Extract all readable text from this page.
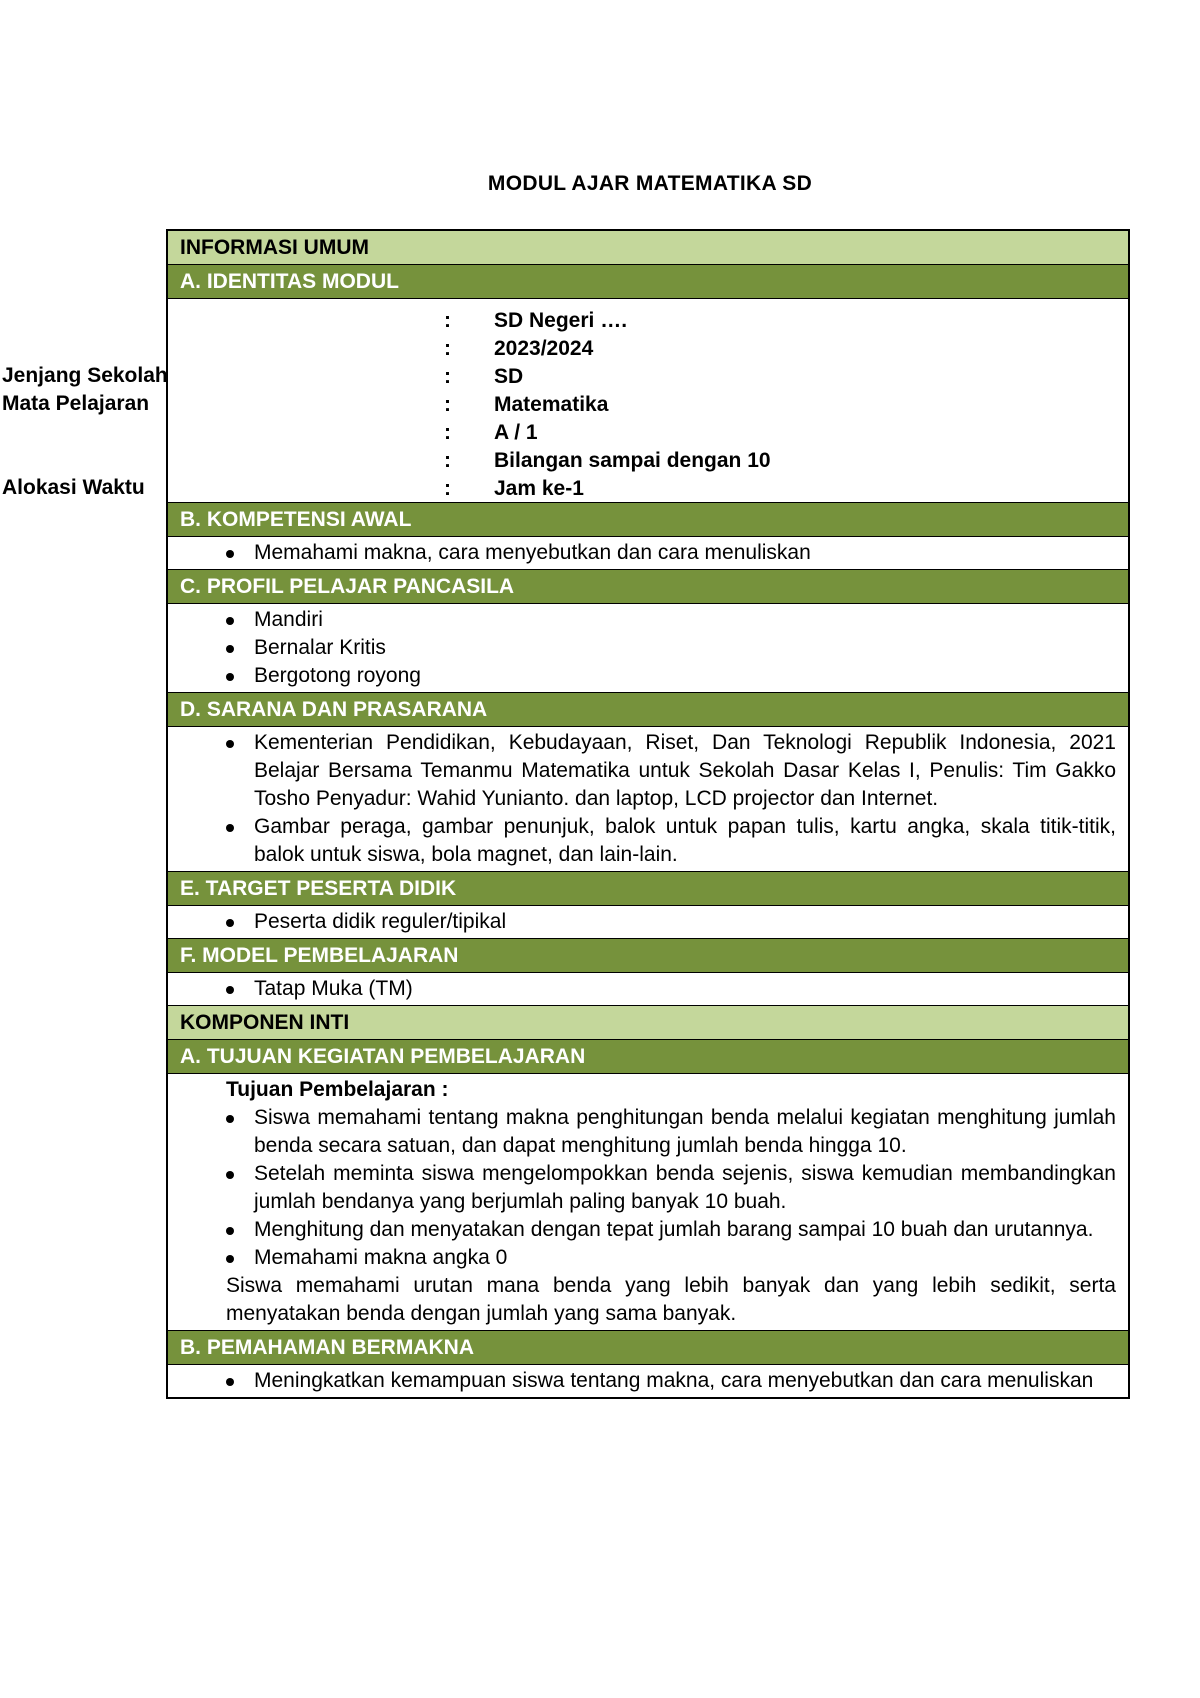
MODUL AJAR MATEMATIKA SD
INFORMASI UMUM
A. IDENTITAS MODUL
: SD Negeri ….
: 2023/2024
: SD
: Matematika
: A / 1
: Bilangan sampai dengan 10
: Jam ke-1
B. KOMPETENSI AWAL
Memahami makna, cara menyebutkan dan cara menuliskan
C. PROFIL PELAJAR PANCASILA
Mandiri
Bernalar Kritis
Bergotong royong
D. SARANA DAN PRASARANA
Kementerian Pendidikan, Kebudayaan, Riset, Dan Teknologi Republik Indonesia, 2021 Belajar Bersama Temanmu Matematika untuk Sekolah Dasar Kelas I, Penulis: Tim Gakko Tosho Penyadur: Wahid Yunianto. dan laptop, LCD projector dan Internet.
Gambar peraga, gambar penunjuk, balok untuk papan tulis, kartu angka, skala titik-titik, balok untuk siswa, bola magnet, dan lain-lain.
E. TARGET PESERTA DIDIK
Peserta didik reguler/tipikal
F. MODEL PEMBELAJARAN
Tatap Muka (TM)
KOMPONEN INTI
A. TUJUAN KEGIATAN PEMBELAJARAN
Tujuan Pembelajaran :
Siswa memahami tentang makna penghitungan benda melalui kegiatan menghitung jumlah benda secara satuan, dan dapat menghitung jumlah benda hingga 10.
Setelah meminta siswa mengelompokkan benda sejenis, siswa kemudian membandingkan jumlah bendanya yang berjumlah paling banyak 10 buah.
Menghitung dan menyatakan dengan tepat jumlah barang sampai 10 buah dan urutannya.
Memahami makna angka 0
Siswa memahami urutan mana benda yang lebih banyak dan yang lebih sedikit, serta menyatakan benda dengan jumlah yang sama banyak.
B. PEMAHAMAN BERMAKNA
Meningkatkan kemampuan siswa tentang makna, cara menyebutkan dan cara menuliskan
Jenjang Sekolah
Mata Pelajaran
Alokasi Waktu
